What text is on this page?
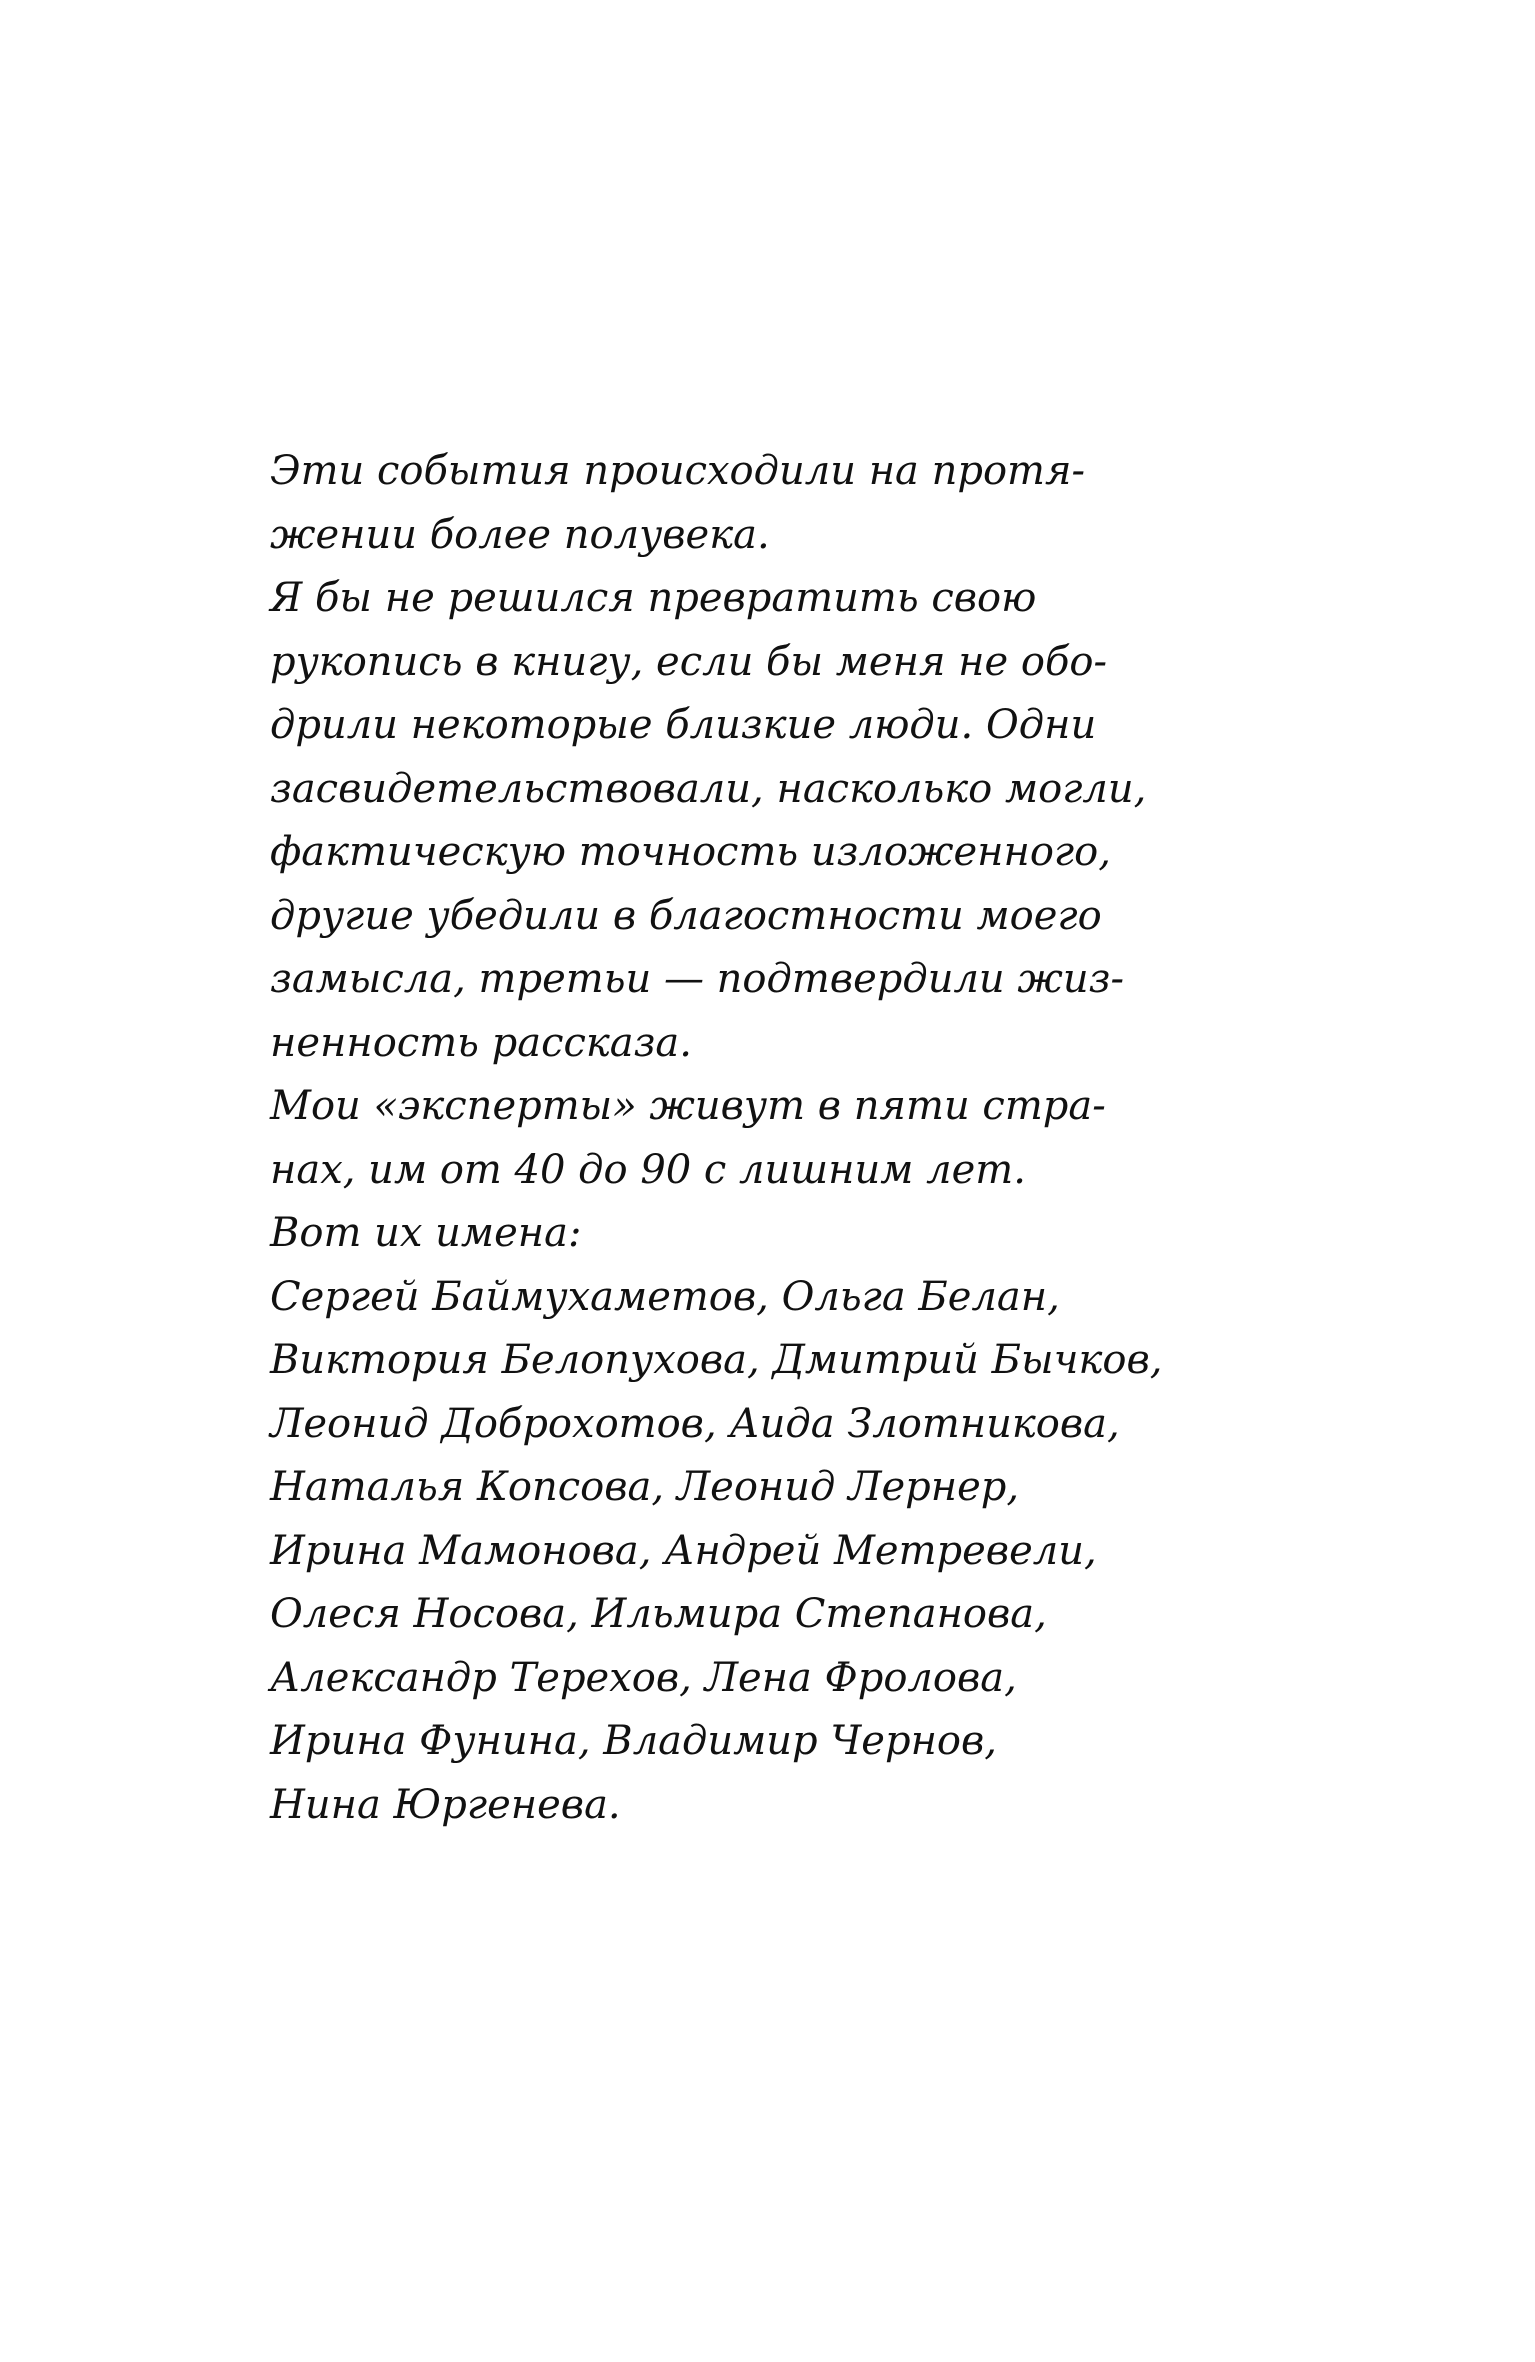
Эти события происходили на протя-
жении более полувека.
Я бы не решился превратить свою
рукопись в книгу, если бы меня не обо-
дрили некоторые близкие люди. Одни
засвидетельствовали, насколько могли,
фактическую точность изложенного,
другие убедили в благостности моего
замысла, третьи — подтвердили жиз-
ненность рассказа.
Мои «эксперты» живут в пяти стра-
нах, им от 40 до 90 с лишним лет.
Вот их имена:
Сергей Баймухаметов, Ольга Белан,
Виктория Белопухова, Дмитрий Бычков,
Леонид Доброхотов, Аида Злотникова,
Наталья Копсова, Леонид Лернер,
Ирина Мамонова, Андрей Метревели,
Олеся Носова, Ильмира Степанова,
Александр Терехов, Лена Фролова,
Ирина Фунина, Владимир Чернов,
Нина Юргенева.
